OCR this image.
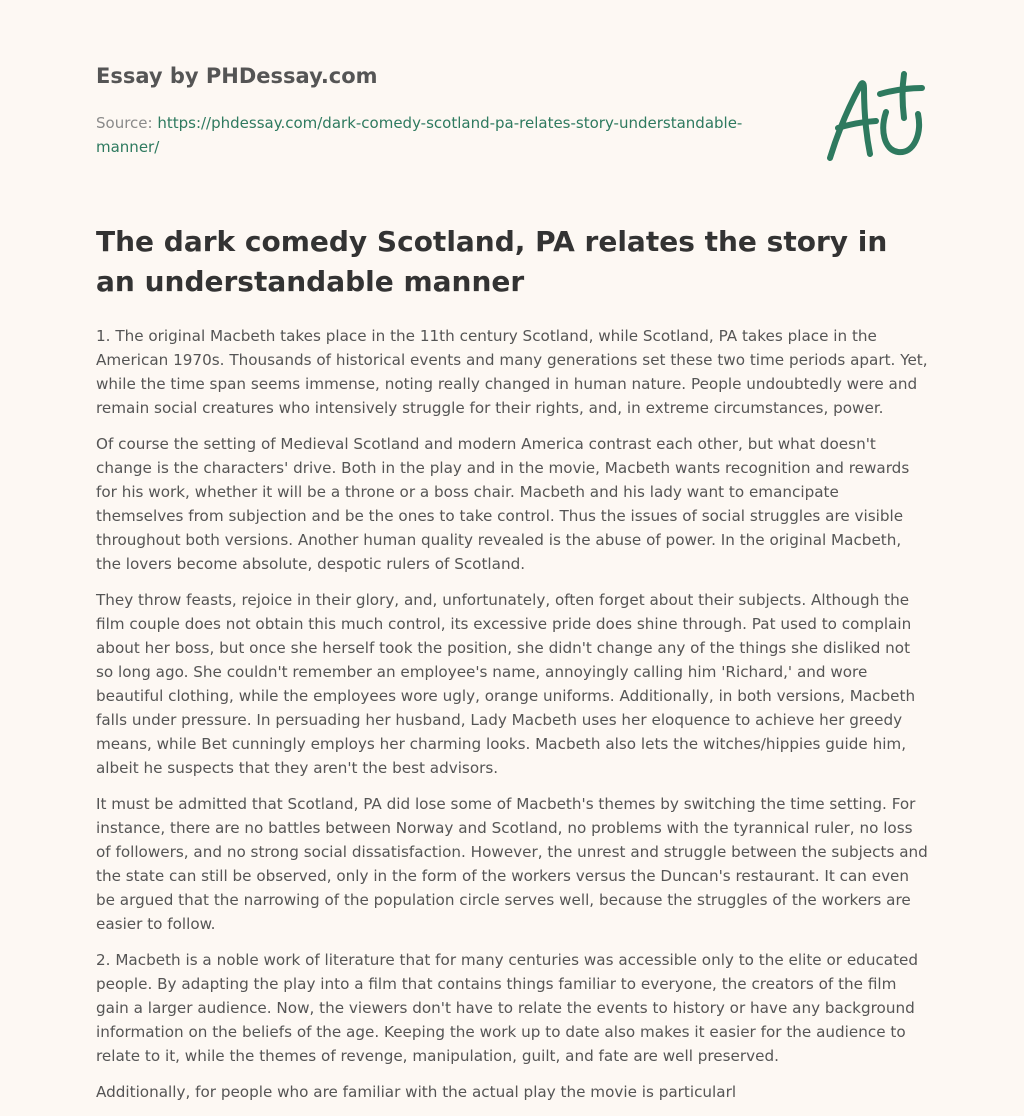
Essay by PHDessay.com
Source: https://phdessay.com/dark-comedy-scotland-pa-relates-story-understandable-manner/
The dark comedy Scotland, PA relates the story in an understandable manner

1. The original Macbeth takes place in the 11th century Scotland, while Scotland, PA takes place in the American 1970s. Thousands of historical events and many generations set these two time periods apart. Yet, while the time span seems immense, noting really changed in human nature. People undoubtedly were and remain social creatures who intensively struggle for their rights, and, in extreme circumstances, power.

Of course the setting of Medieval Scotland and modern America contrast each other, but what doesn't change is the characters' drive. Both in the play and in the movie, Macbeth wants recognition and rewards for his work, whether it will be a throne or a boss chair. Macbeth and his lady want to emancipate themselves from subjection and be the ones to take control. Thus the issues of social struggles are visible throughout both versions. Another human quality revealed is the abuse of power. In the original Macbeth, the lovers become absolute, despotic rulers of Scotland.

They throw feasts, rejoice in their glory, and, unfortunately, often forget about their subjects. Although the film couple does not obtain this much control, its excessive pride does shine through. Pat used to complain about her boss, but once she herself took the position, she didn't change any of the things she disliked not so long ago. She couldn't remember an employee's name, annoyingly calling him 'Richard,' and wore beautiful clothing, while the employees wore ugly, orange uniforms. Additionally, in both versions, Macbeth falls under pressure. In persuading her husband, Lady Macbeth uses her eloquence to achieve her greedy means, while Bet cunningly employs her charming looks. Macbeth also lets the witches/hippies guide him, albeit he suspects that they aren't the best advisors.

It must be admitted that Scotland, PA did lose some of Macbeth's themes by switching the time setting. For instance, there are no battles between Norway and Scotland, no problems with the tyrannical ruler, no loss of followers, and no strong social dissatisfaction. However, the unrest and struggle between the subjects and the state can still be observed, only in the form of the workers versus the Duncan's restaurant. It can even be argued that the narrowing of the population circle serves well, because the struggles of the workers are easier to follow.

2. Macbeth is a noble work of literature that for many centuries was accessible only to the elite or educated people. By adapting the play into a film that contains things familiar to everyone, the creators of the film gain a larger audience. Now, the viewers don't have to relate the events to history or have any background information on the beliefs of the age. Keeping the work up to date also makes it easier for the audience to relate to it, while the themes of revenge, manipulation, guilt, and fate are well preserved.

Additionally, for people who are familiar with the actual play the movie is particularl
